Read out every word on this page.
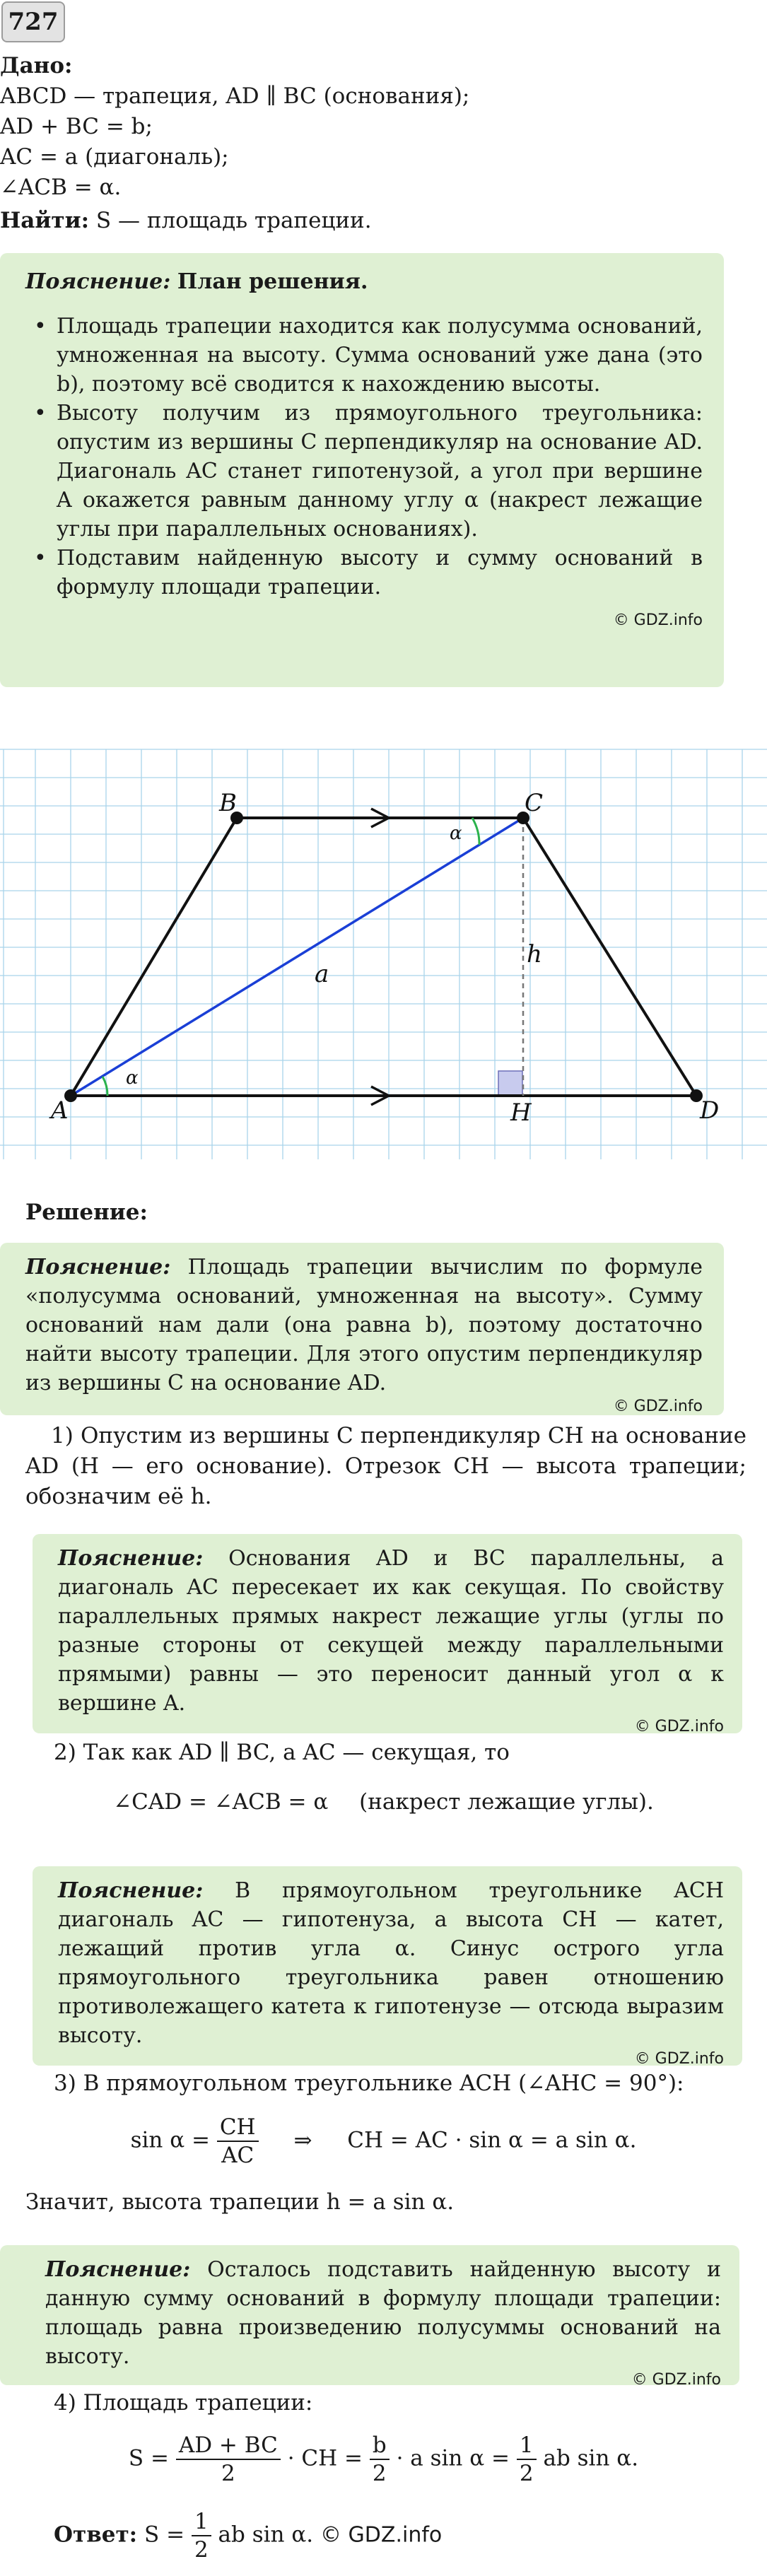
727
Дано:
ABCD — трапеция, AD ∥ BC (основания);
AD + BC = b;
AC = a (диагональ);
∠ACB = α.
Найти: S — площадь трапеции.

Пояснение: План решения.

• Площадь трапеции находится как полусумма оснований, умноженная на высоту. Сумма оснований уже дана (это b), поэтому всё сводится к нахождению высоты.

• Высоту получим из прямоугольного треугольника: опустим из вершины C перпендикуляр на основание AD. Диагональ AC станет гипотенузой, а угол при вершине A окажется равным данному углу α (накрест лежащие углы при параллельных основаниях).

• Подставим найденную высоту и сумму оснований в формулу площади трапеции.

© GDZ.info
A
B	C
D
H
a
h
α
α
Решение:

Пояснение: Площадь трапеции вычислим по формуле «полусумма оснований, умноженная на высоту». Сумму оснований нам дали (она равна b), поэтому достаточно найти высоту трапеции. Для этого опустим перпендикуляр из вершины C на основание AD.

© GDZ.info
1) Опустим из вершины C перпендикуляр CH на основание AD (H — его основание). Отрезок CH — высота трапеции; обозначим её h.

Пояснение: Основания AD и BC параллельны, а диагональ AC пересекает их как секущая. По свойству параллельных прямых накрест лежащие углы (углы по разные стороны от секущей между параллельными прямыми) равны — это переносит данный угол α к вершине A.

© GDZ.info
2) Так как AD ∥ BC, а AC — секущая, то
∠CAD = ∠ACB = α (накрест лежащие углы).

Пояснение: В прямоугольном треугольнике ACH диагональ AC — гипотенуза, а высота CH — катет, лежащий против угла α. Синус острого угла прямоугольного треугольника равен отношению противолежащего катета к гипотенузе — отсюда выразим высоту.

© GDZ.info
3) В прямоугольном треугольнике ACH (∠AHC = 90°):
$\sin \alpha = \frac{CH}{AC}$ ⇒ CH = AC · sin α = a sin α.
Значит, высота трапеции h = a sin α.

Пояснение: Осталось подставить найденную высоту и данную сумму оснований в формулу площади трапеции: площадь равна произведению полусуммы оснований на высоту.

© GDZ.info
4) Площадь трапеции:
$S = \frac{AD + BC}{2}$ · CH = $\frac{b}{2} \cdot a$ $\sin \alpha = \frac{1}{2}$ ab sin α.
Ответ: $S = \frac{1}{2}$ ab sin α. © GDZ.info
